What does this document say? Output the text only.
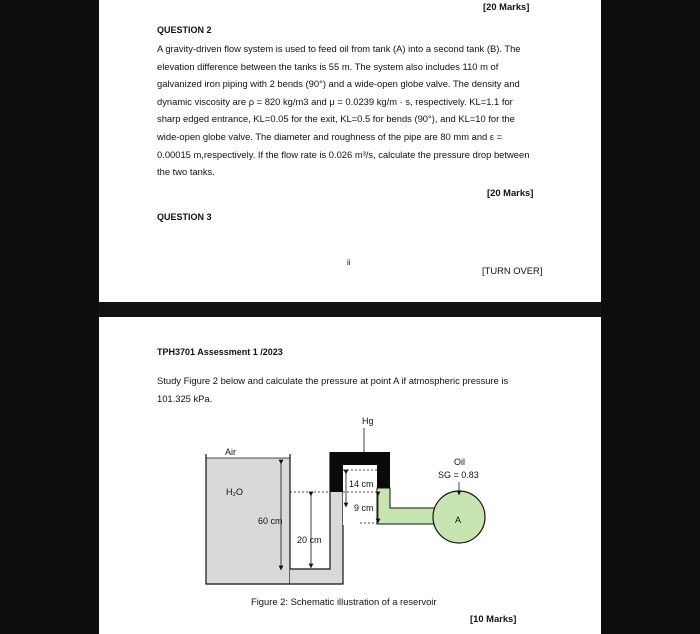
[20 Marks]
QUESTION 2
A gravity-driven flow system is used to feed oil from tank (A) into a second tank (B). The
elevation difference between the tanks is 55 m. The system also includes 110 m of
galvanized iron piping with 2 bends (90°) and a wide-open globe valve. The density and
dynamic viscosity are ρ = 820 kg/m3 and μ = 0.0239 kg/m · s, respectively. KL=1.1 for
sharp edged entrance, KL=0.05 for the exit, KL=0.5 for bends (90°), and KL=10 for the
wide-open globe valve. The diameter and roughness of the pipe are 80 mm and ε =
0.00015 m,respectively. If the flow rate is 0.026 m³/s, calculate the pressure drop between
the two tanks.
[20 Marks]
QUESTION 3
ii
[TURN OVER]
TPH3701 Assessment 1 /2023
Study Figure 2 below and calculate the pressure at point A if atmospheric pressure is
101.325 kPa.
Hg
Air
H₂O
Oil
SG = 0.83
14 cm
9 cm
60 cm
20 cm
A
Figure 2: Schematic illustration of a reservoir
[10 Marks]
